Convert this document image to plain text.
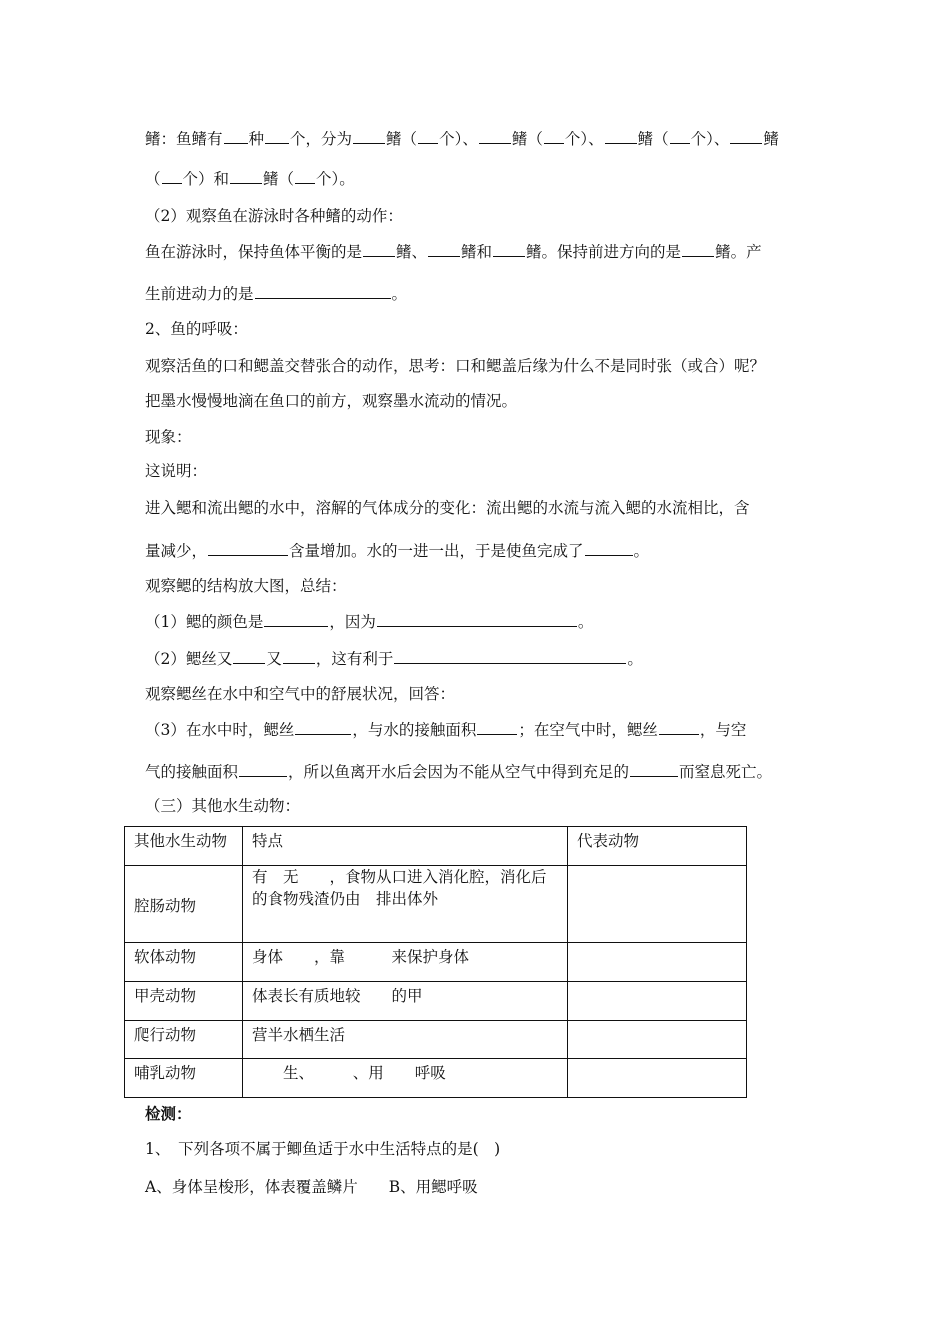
鳍：鱼鳍有 种 个，分为 鳍（ 个）、 鳍（ 个）、 鳍（ 个）、 鳍
（ 个）和 鳍（ 个）。
（2）观察鱼在游泳时各种鳍的动作：
鱼在游泳时，保持鱼体平衡的是 鳍、 鳍和 鳍。保持前进方向的是 鳍。产
生前进动力的是	。
2、鱼的呼吸：
观察活鱼的口和鳃盖交替张合的动作，思考：口和鳃盖后缘为什么不是同时张（或合）呢？
把墨水慢慢地滴在鱼口的前方，观察墨水流动的情况。
现象：
这说明：
进入鳃和流出鳃的水中，溶解的气体成分的变化：流出鳃的水流与流入鳃的水流相比，含
量减少，	含量增加。水的一进一出，于是使鱼完成了	。
观察鳃的结构放大图，总结：
（1）鳃的颜色是	，因为	。
（2）鳃丝又 又 ，这有利于	。
观察鳃丝在水中和空气中的舒展状况，回答：
（3）在水中时，鳃丝	，与水的接触面积	；在空气中时，鳃丝	，与空
气的接触面积	，所以鱼离开水后会因为不能从空气中得到充足的	而窒息死亡。
（三）其他水生动物：
其他水生动物	特点	代表动物
腔肠动物	有　无　　，食物从口进入消化腔，消化后的食物残渣仍由　排出体外	
软体动物	身体　　，靠　　　来保护身体	
甲壳动物	体表长有质地较　　的甲	
爬行动物	营半水栖生活	
哺乳动物	　　生、　　　、用　　呼吸	
检测：
1、　下列各项不属于鲫鱼适于水中生活特点的是(　)
A、身体呈梭形，体表覆盖鳞片　　B、用鳃呼吸
